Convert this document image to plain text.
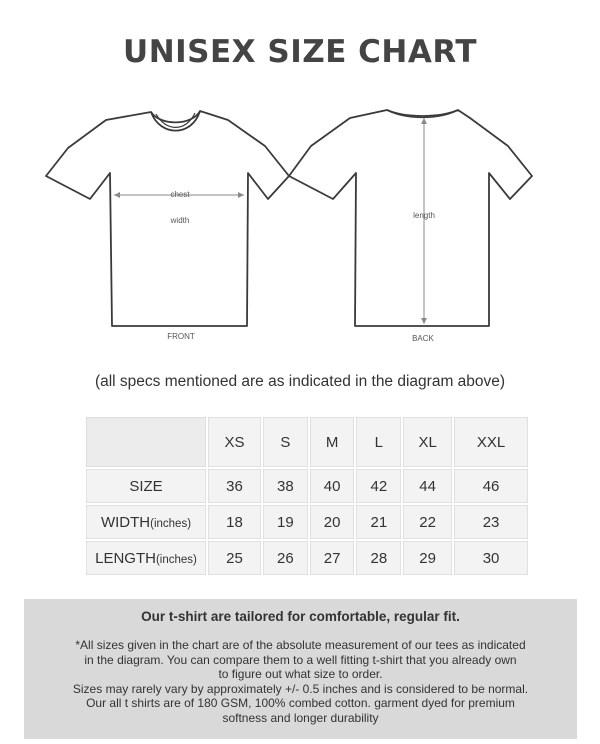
UNISEX SIZE CHART
chest
width
FRONT
length
BACK
(all specs mentioned are as indicated in the diagram above)
	XS	S	M	L	XL	XXL
SIZE	36	38	40	42	44	46
WIDTH(inches)	18	19	20	21	22	23
LENGTH(inches)	25	26	27	28	29	30
Our t-shirt are tailored for comfortable, regular fit.
*All sizes given in the chart are of the absolute measurement of our tees as indicated
in the diagram. You can compare them to a well fitting t-shirt that you already own
to figure out what size to order.
Sizes may rarely vary by approximately +/- 0.5 inches and is considered to be normal.
Our all t shirts are of 180 GSM, 100% combed cotton. garment dyed for premium
softness and longer durability
